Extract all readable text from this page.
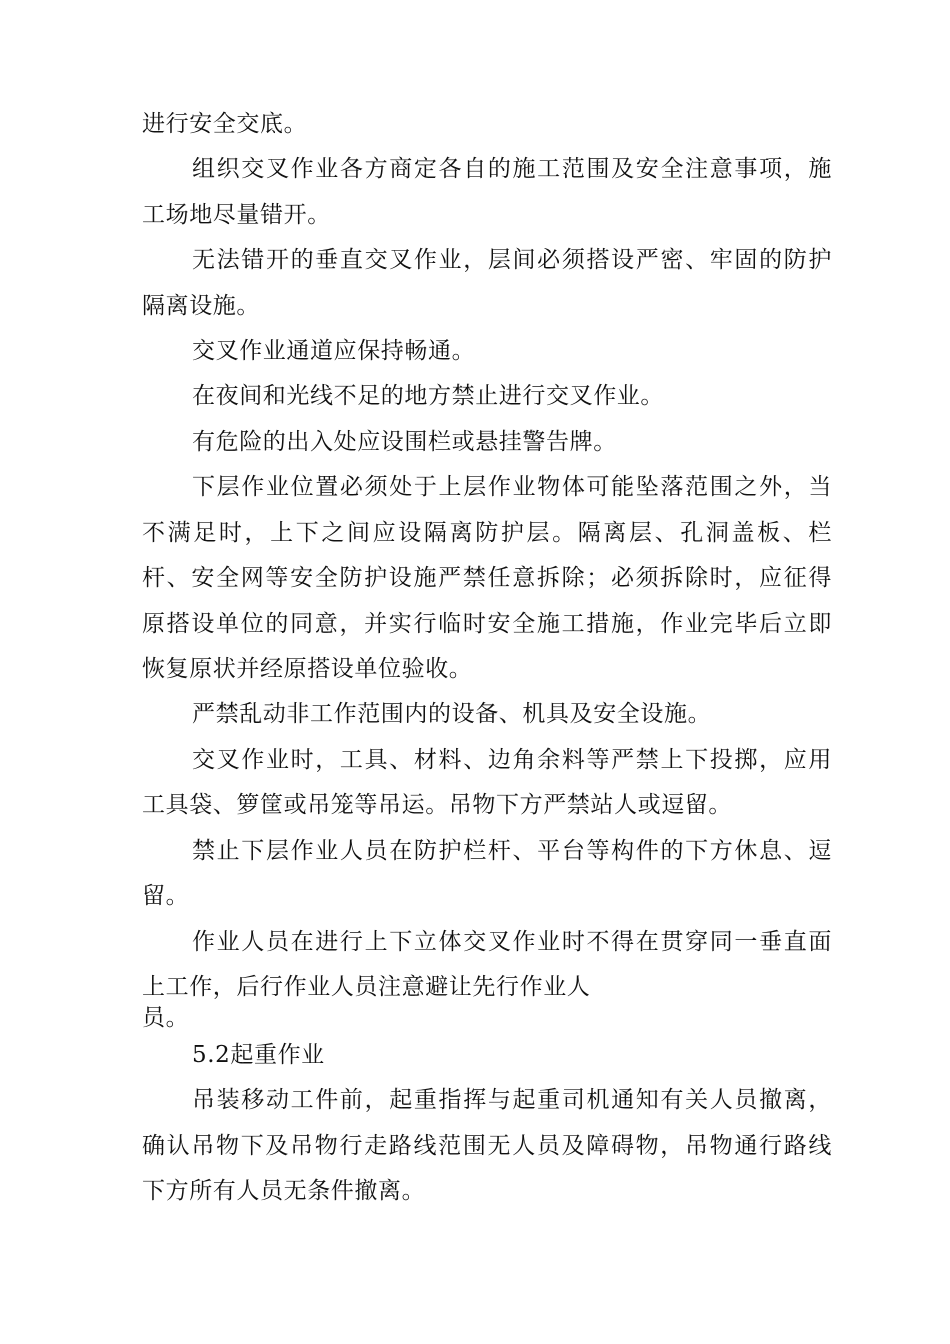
进行安全交底。
组织交叉作业各方商定各自的施工范围及安全注意事项，施
工场地尽量错开。
无法错开的垂直交叉作业，层间必须搭设严密、牢固的防护
隔离设施。
交叉作业通道应保持畅通。
在夜间和光线不足的地方禁止进行交叉作业。
有危险的出入处应设围栏或悬挂警告牌。
下层作业位置必须处于上层作业物体可能坠落范围之外，当
不满足时，上下之间应设隔离防护层。隔离层、孔洞盖板、栏
杆、安全网等安全防护设施严禁任意拆除；必须拆除时，应征得
原搭设单位的同意，并实行临时安全施工措施，作业完毕后立即
恢复原状并经原搭设单位验收。
严禁乱动非工作范围内的设备、机具及安全设施。
交叉作业时，工具、材料、边角余料等严禁上下投掷，应用
工具袋、箩筐或吊笼等吊运。吊物下方严禁站人或逗留。
禁止下层作业人员在防护栏杆、平台等构件的下方休息、逗
留。
作业人员在进行上下立体交叉作业时不得在贯穿同一垂直面
上工作，后行作业人员注意避让先行作业人
员。
5.2起重作业
吊装移动工件前，起重指挥与起重司机通知有关人员撤离，
确认吊物下及吊物行走路线范围无人员及障碍物，吊物通行路线
下方所有人员无条件撤离。
